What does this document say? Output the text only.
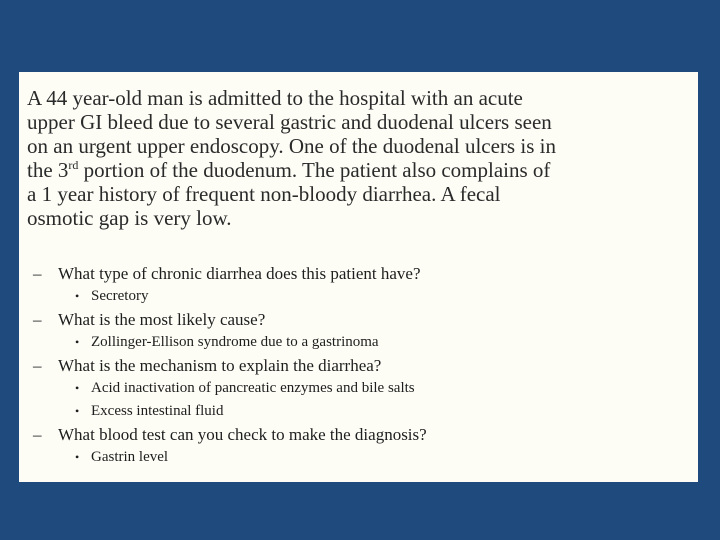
A 44 year-old man is admitted to the hospital with an acute
upper GI bleed due to several gastric and duodenal ulcers seen
on an urgent upper endoscopy. One of the duodenal ulcers is in
the 3rd portion of the duodenum. The patient also complains of
a 1 year history of frequent non-bloody diarrhea. A fecal
osmotic gap is very low.

– What type of chronic diarrhea does this patient have?
• Secretory
– What is the most likely cause?
• Zollinger-Ellison syndrome due to a gastrinoma
– What is the mechanism to explain the diarrhea?
• Acid inactivation of pancreatic enzymes and bile salts
• Excess intestinal fluid
– What blood test can you check to make the diagnosis?
• Gastrin level
